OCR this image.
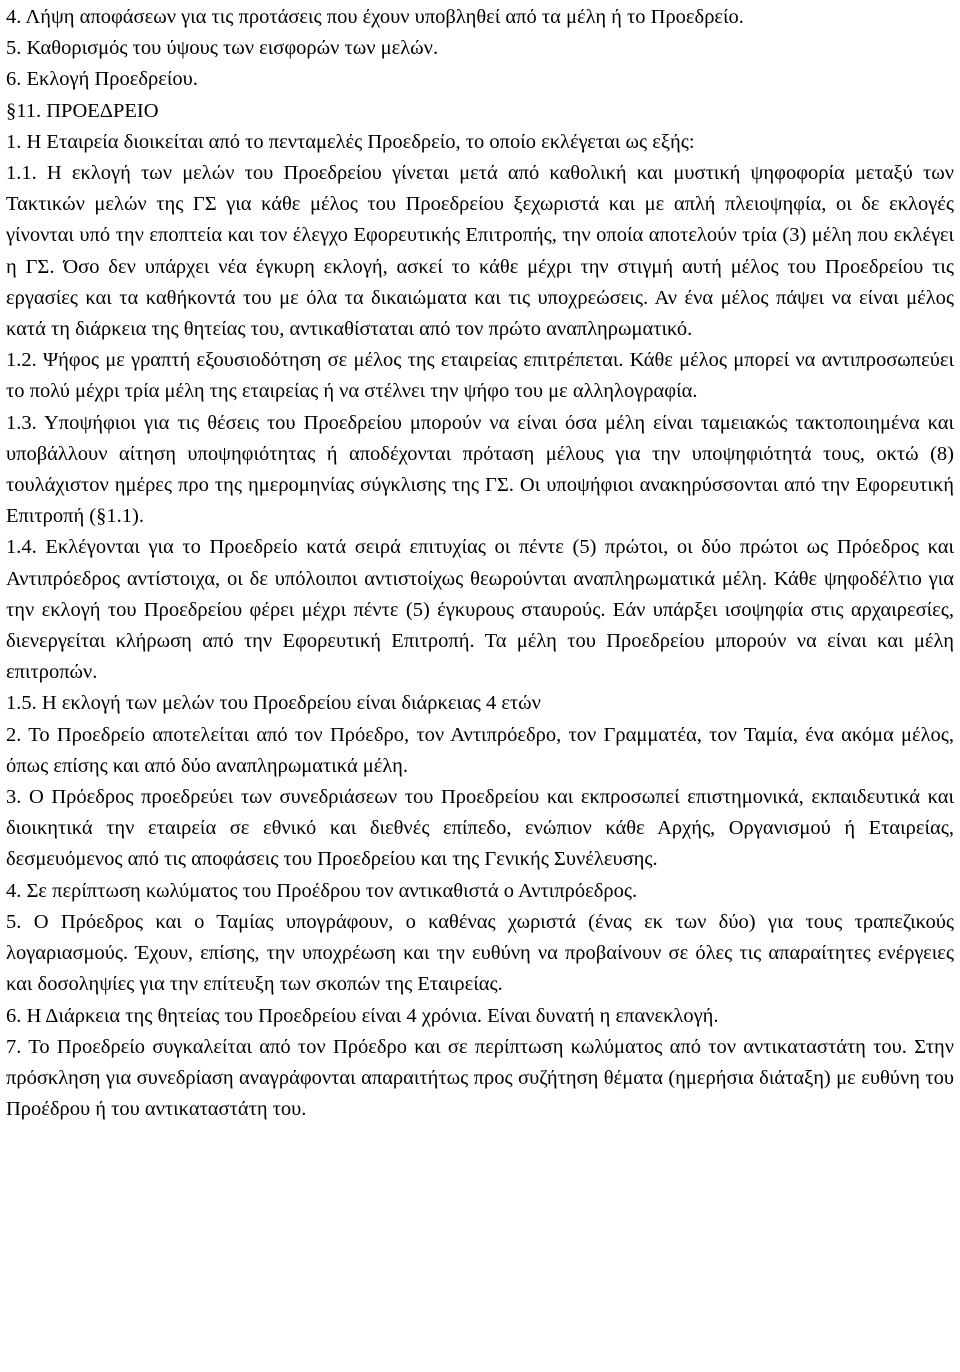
4. Λήψη αποφάσεων για τις προτάσεις που έχουν υποβληθεί από τα μέλη ή το Προεδρείο.

5. Καθορισμός του ύψους των εισφορών των μελών.

6. Εκλογή Προεδρείου.

§11. ΠΡΟΕΔΡΕΙΟ

1. Η Εταιρεία διοικείται από το πενταμελές Προεδρείο, το οποίο εκλέγεται ως εξής:

1.1. Η εκλογή των μελών του Προεδρείου γίνεται μετά από καθολική και μυστική ψηφοφορία μεταξύ των Τακτικών μελών της ΓΣ για κάθε μέλος του Προεδρείου ξεχωριστά και με απλή πλειοψηφία, οι δε εκλογές γίνονται υπό την εποπτεία και τον έλεγχο Εφορευτικής Επιτροπής, την οποία αποτελούν τρία (3) μέλη που εκλέγει η ΓΣ. Όσο δεν υπάρχει νέα έγκυρη εκλογή, ασκεί το κάθε μέχρι την στιγμή αυτή μέλος του Προεδρείου τις εργασίες και τα καθήκοντά του με όλα τα δικαιώματα και τις υποχρεώσεις. Αν ένα μέλος πάψει να είναι μέλος κατά τη διάρκεια της θητείας του, αντικαθίσταται από τον πρώτο αναπληρωματικό.

1.2. Ψήφος με γραπτή εξουσιοδότηση σε μέλος της εταιρείας επιτρέπεται. Κάθε μέλος μπορεί να αντιπροσωπεύει το πολύ μέχρι τρία μέλη της εταιρείας ή να στέλνει την ψήφο του με αλληλογραφία.

1.3. Υποψήφιοι για τις θέσεις του Προεδρείου μπορούν να είναι όσα μέλη είναι ταμειακώς τακτοποιημένα και υποβάλλουν αίτηση υποψηφιότητας ή αποδέχονται πρόταση μέλους για την υποψηφιότητά τους, οκτώ (8) τουλάχιστον ημέρες προ της ημερομηνίας σύγκλισης της ΓΣ. Οι υποψήφιοι ανακηρύσσονται από την Εφορευτική Επιτροπή (§1.1).

1.4. Εκλέγονται για το Προεδρείο κατά σειρά επιτυχίας οι πέντε (5) πρώτοι, οι δύο πρώτοι ως Πρόεδρος και Αντιπρόεδρος αντίστοιχα, οι δε υπόλοιποι αντιστοίχως θεωρούνται αναπληρωματικά μέλη. Κάθε ψηφοδέλτιο για την εκλογή του Προεδρείου φέρει μέχρι πέντε (5) έγκυρους σταυρούς. Εάν υπάρξει ισοψηφία στις αρχαιρεσίες, διενεργείται κλήρωση από την Εφορευτική Επιτροπή. Τα μέλη του Προεδρείου μπορούν να είναι και μέλη επιτροπών.

1.5. Η εκλογή των μελών του Προεδρείου είναι διάρκειας 4 ετών

2. Το Προεδρείο αποτελείται από τον Πρόεδρο, τον Αντιπρόεδρο, τον Γραμματέα, τον Ταμία, ένα ακόμα μέλος, όπως επίσης και από δύο αναπληρωματικά μέλη.

3. Ο Πρόεδρος προεδρεύει των συνεδριάσεων του Προεδρείου και εκπροσωπεί επιστημονικά, εκπαιδευτικά και διοικητικά την εταιρεία σε εθνικό και διεθνές επίπεδο, ενώπιον κάθε Αρχής, Οργανισμού ή Εταιρείας, δεσμευόμενος από τις αποφάσεις του Προεδρείου και της Γενικής Συνέλευσης.

4. Σε περίπτωση κωλύματος του Προέδρου τον αντικαθιστά ο Αντιπρόεδρος.

5. Ο Πρόεδρος και ο Ταμίας υπογράφουν, ο καθένας χωριστά (ένας εκ των δύο) για τους τραπεζικούς λογαριασμούς. Έχουν, επίσης, την υποχρέωση και την ευθύνη να προβαίνουν σε όλες τις απαραίτητες ενέργειες και δοσοληψίες για την επίτευξη των σκοπών της Εταιρείας.

6. Η Διάρκεια της θητείας του Προεδρείου είναι 4 χρόνια. Είναι δυνατή η επανεκλογή.

7. Το Προεδρείο συγκαλείται από τον Πρόεδρο και σε περίπτωση κωλύματος από τον αντικαταστάτη του. Στην πρόσκληση για συνεδρίαση αναγράφονται απαραιτήτως προς συζήτηση θέματα (ημερήσια διάταξη) με ευθύνη του Προέδρου ή του αντικαταστάτη του.
